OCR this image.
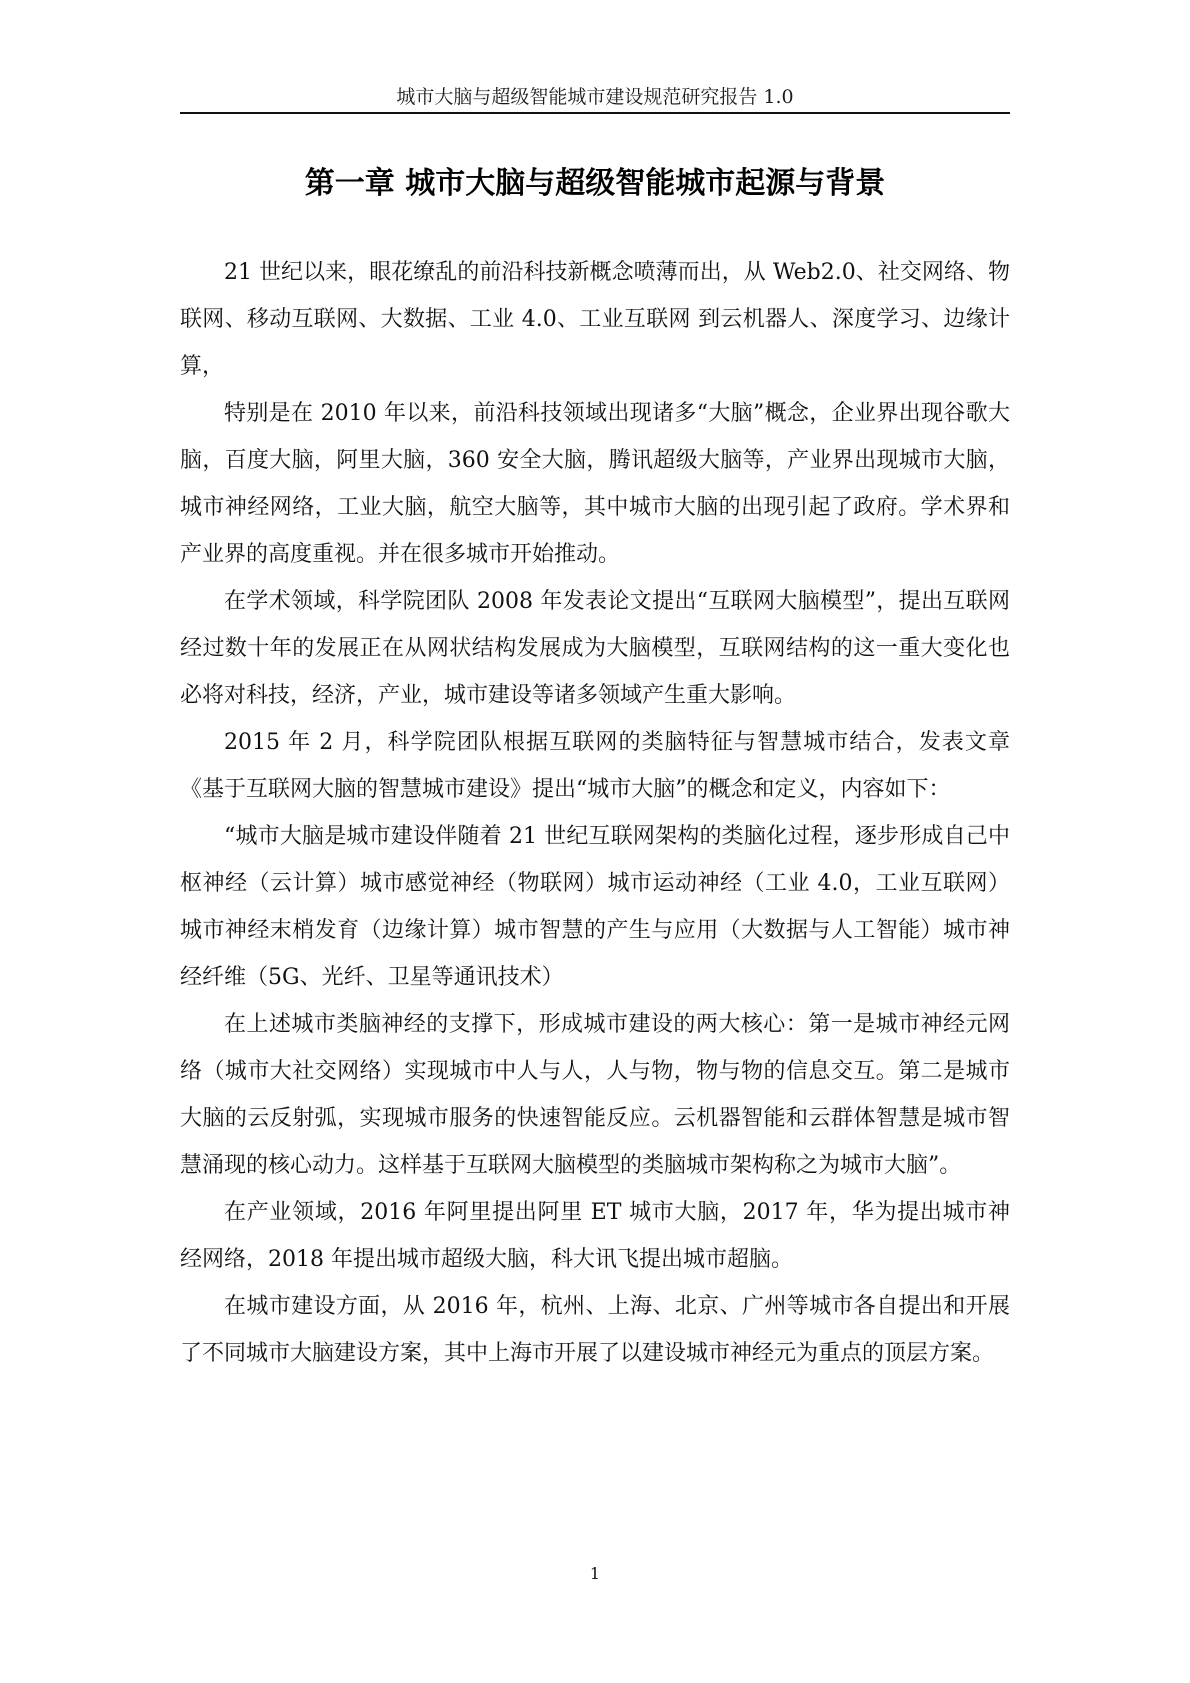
城市大脑与超级智能城市建设规范研究报告 1.0
第一章 城市大脑与超级智能城市起源与背景

21 世纪以来，眼花缭乱的前沿科技新概念喷薄而出，从 Web2.0、社交网络、物联网、移动互联网、大数据、工业 4.0、工业互联网 到云机器人、深度学习、边缘计算，

特别是在 2010 年以来，前沿科技领域出现诸多“大脑”概念，企业界出现谷歌大脑，百度大脑，阿里大脑，360 安全大脑，腾讯超级大脑等，产业界出现城市大脑，城市神经网络，工业大脑，航空大脑等，其中城市大脑的出现引起了政府。学术界和产业界的高度重视。并在很多城市开始推动。

在学术领域，科学院团队 2008 年发表论文提出“互联网大脑模型”，提出互联网经过数十年的发展正在从网状结构发展成为大脑模型，互联网结构的这一重大变化也必将对科技，经济，产业，城市建设等诸多领域产生重大影响。

2015 年 2 月，科学院团队根据互联网的类脑特征与智慧城市结合，发表文章《基于互联网大脑的智慧城市建设》提出“城市大脑”的概念和定义，内容如下：

“城市大脑是城市建设伴随着 21 世纪互联网架构的类脑化过程，逐步形成自己中枢神经（云计算）城市感觉神经（物联网）城市运动神经（工业 4.0，工业互联网）城市神经末梢发育（边缘计算）城市智慧的产生与应用（大数据与人工智能）城市神经纤维（5G、光纤、卫星等通讯技术）

在上述城市类脑神经的支撑下，形成城市建设的两大核心：第一是城市神经元网络（城市大社交网络）实现城市中人与人，人与物，物与物的信息交互。第二是城市大脑的云反射弧，实现城市服务的快速智能反应。云机器智能和云群体智慧是城市智慧涌现的核心动力。这样基于互联网大脑模型的类脑城市架构称之为城市大脑”。

在产业领域，2016 年阿里提出阿里 ET 城市大脑，2017 年，华为提出城市神经网络，2018 年提出城市超级大脑，科大讯飞提出城市超脑。

在城市建设方面，从 2016 年，杭州、上海、北京、广州等城市各自提出和开展了不同城市大脑建设方案，其中上海市开展了以建设城市神经元为重点的顶层方案。

1
